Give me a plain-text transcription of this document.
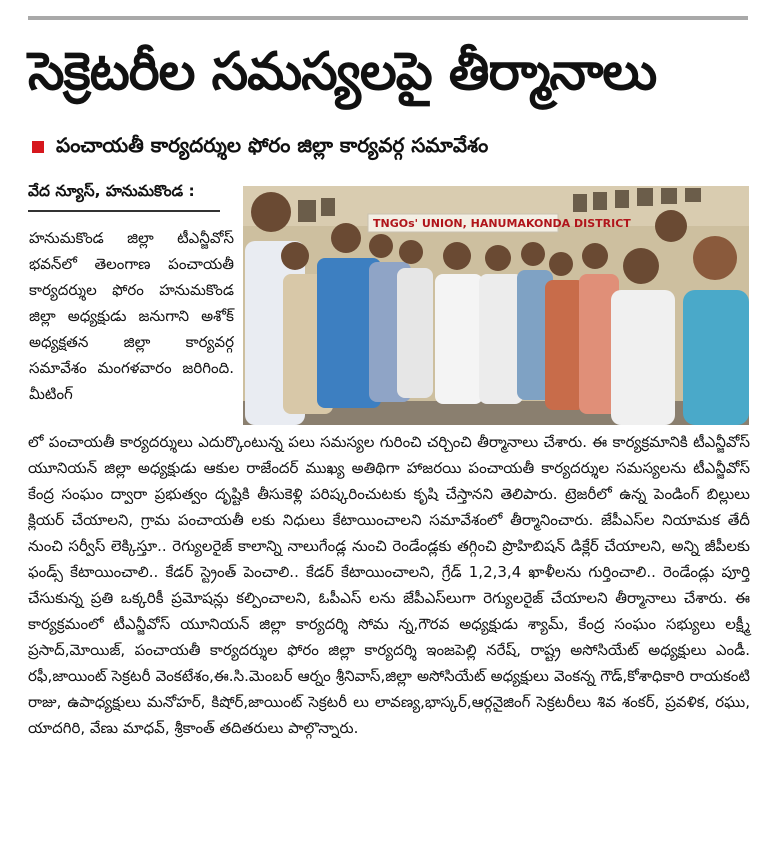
సెక్రెటరీల సమస్యలపై తీర్మానాలు
పంచాయతీ కార్యదర్శుల ఫోరం జిల్లా కార్యవర్గ సమావేశం
వేద న్యూస్, హనుమకొండ :
హనుమకొండ జిల్లా టీఎన్జీవోస్ భవన్‌లో తెలంగాణ పంచాయతీ కార్యదర్శుల ఫోరం హనుమకొండ జిల్లా అధ్యక్షుడు జనుగాని అశోక్ అధ్యక్షతన జిల్లా కార్యవర్గ సమావేశం మంగళవారం జరిగింది. మీటింగ్
TNGOs' UNION, HANUMAKONDA DISTRICT
లో పంచాయతీ కార్యదర్శులు ఎదుర్కొంటున్న పలు సమస్యల గురించి చర్చించి తీర్మానాలు చేశారు. ఈ కార్యక్రమానికి టీఎన్జీవోస్ యూనియన్ జిల్లా అధ్యక్షుడు ఆకుల రాజేందర్ ముఖ్య అతిథిగా హాజరయి పంచాయతీ కార్యదర్శుల సమస్యలను టీఎన్జీవోస్ కేంద్ర సంఘం ద్వారా ప్రభుత్వం దృష్టికి తీసుకెళ్లి పరిష్కరించుటకు కృషి చేస్తానని తెలిపారు. ట్రెజరీలో ఉన్న పెండింగ్ బిల్లులు క్లియర్ చేయాలని, గ్రామ పంచాయతీ లకు నిధులు కేటాయించాలని సమావేశంలో తీర్మానించారు. జేపీఎస్‌ల నియామక తేదీ నుంచి సర్వీస్ లెక్కిస్తూ.. రెగ్యులరైజ్ కాలాన్ని నాలుగేండ్ల నుంచి రెండేండ్లకు తగ్గించి ప్రొహిబిషన్ డిక్లేర్ చేయాలని, అన్ని జీపీలకు ఫండ్స్ కేటాయించాలి.. కేడర్ స్ట్రెంత్ పెంచాలి.. కేడర్ కేటాయించాలని, గ్రేడ్ 1,2,3,4 ఖాళీలను గుర్తించాలి.. రెండేండ్లు పూర్తి చేసుకున్న ప్రతి ఒక్కరికీ ప్రమోషన్లు కల్పించాలని, ఓపీఎస్ లను జేపీఎస్‌లుగా రెగ్యులరైజ్ చేయాలని తీర్మానాలు చేశారు. ఈ కార్యక్రమంలో టీఎన్జీవోస్ యూనియన్ జిల్లా కార్యదర్శి సోమ న్న,గౌరవ అధ్యక్షుడు శ్యామ్, కేంద్ర సంఘం సభ్యులు లక్ష్మీ ప్రసాద్,మోయిజ్, పంచాయతీ కార్యదర్శుల ఫోరం జిల్లా కార్యదర్శి ఇంజపెల్లి నరేష్, రాష్ట్ర అసోసియేట్ అధ్యక్షులు ఎండీ. రఫీ,జాయింట్ సెక్రటరీ వెంకటేశం,ఈ.సి.మెంబర్ ఆర్నం శ్రీనివాస్,జిల్లా అసోసియేట్ అధ్యక్షులు వెంకన్న గౌడ్,కోశాధికారి రాయకంటి రాజు, ఉపాధ్యక్షులు మనోహర్, కిషోర్,జాయింట్ సెక్రటరీ లు లావణ్య,భాస్కర్,ఆర్గనైజింగ్ సెక్రటరీలు శివ శంకర్, ప్రవళిక, రఘు, యాదగిరి, వేణు మాధవ్, శ్రీకాంత్ తదితరులు పాల్గొన్నారు.
